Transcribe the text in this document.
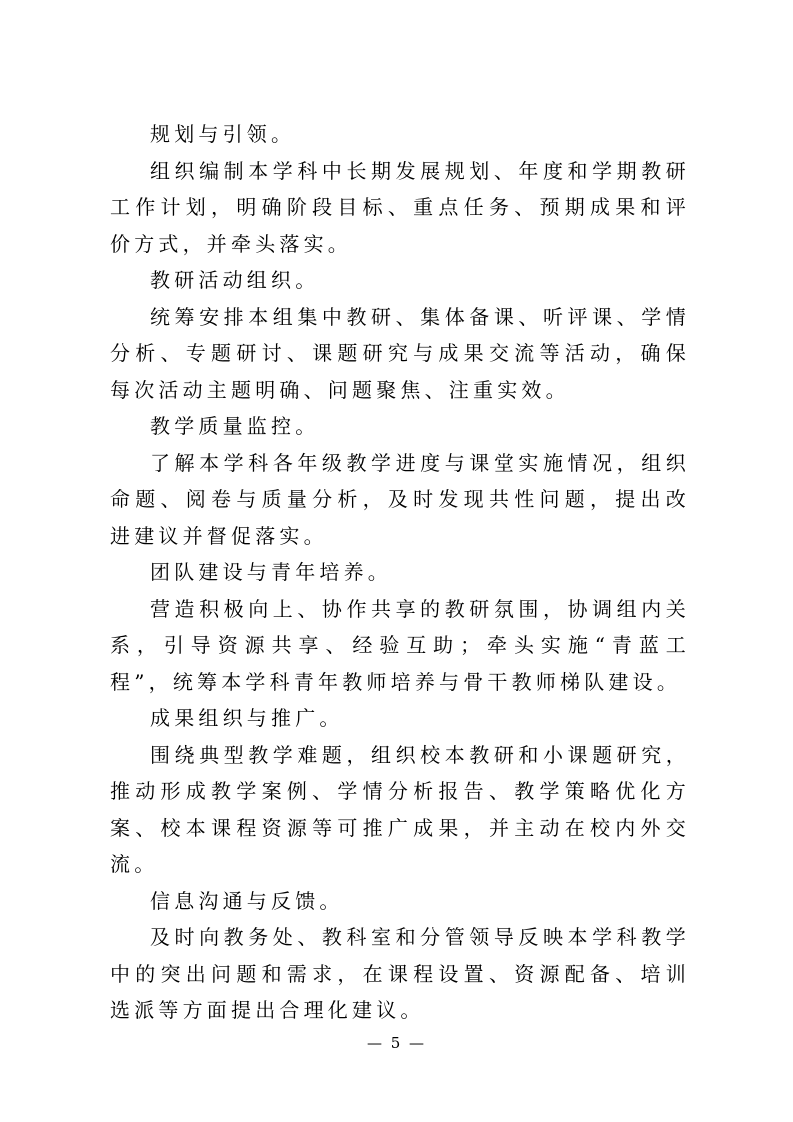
规划与引领。

组织编制本学科中长期发展规划、年度和学期教研工作计划，明确阶段目标、重点任务、预期成果和评价方式，并牵头落实。

教研活动组织。

统筹安排本组集中教研、集体备课、听评课、学情分析、专题研讨、课题研究与成果交流等活动，确保每次活动主题明确、问题聚焦、注重实效。

教学质量监控。

了解本学科各年级教学进度与课堂实施情况，组织命题、阅卷与质量分析，及时发现共性问题，提出改进建议并督促落实。

团队建设与青年培养。

营造积极向上、协作共享的教研氛围，协调组内关系，引导资源共享、经验互助；牵头实施“青蓝工程”，统筹本学科青年教师培养与骨干教师梯队建设。

成果组织与推广。

围绕典型教学难题，组织校本教研和小课题研究，推动形成教学案例、学情分析报告、教学策略优化方案、校本课程资源等可推广成果，并主动在校内外交流。

信息沟通与反馈。

及时向教务处、教科室和分管领导反映本学科教学中的突出问题和需求，在课程设置、资源配备、培训选派等方面提出合理化建议。

— 5 —
